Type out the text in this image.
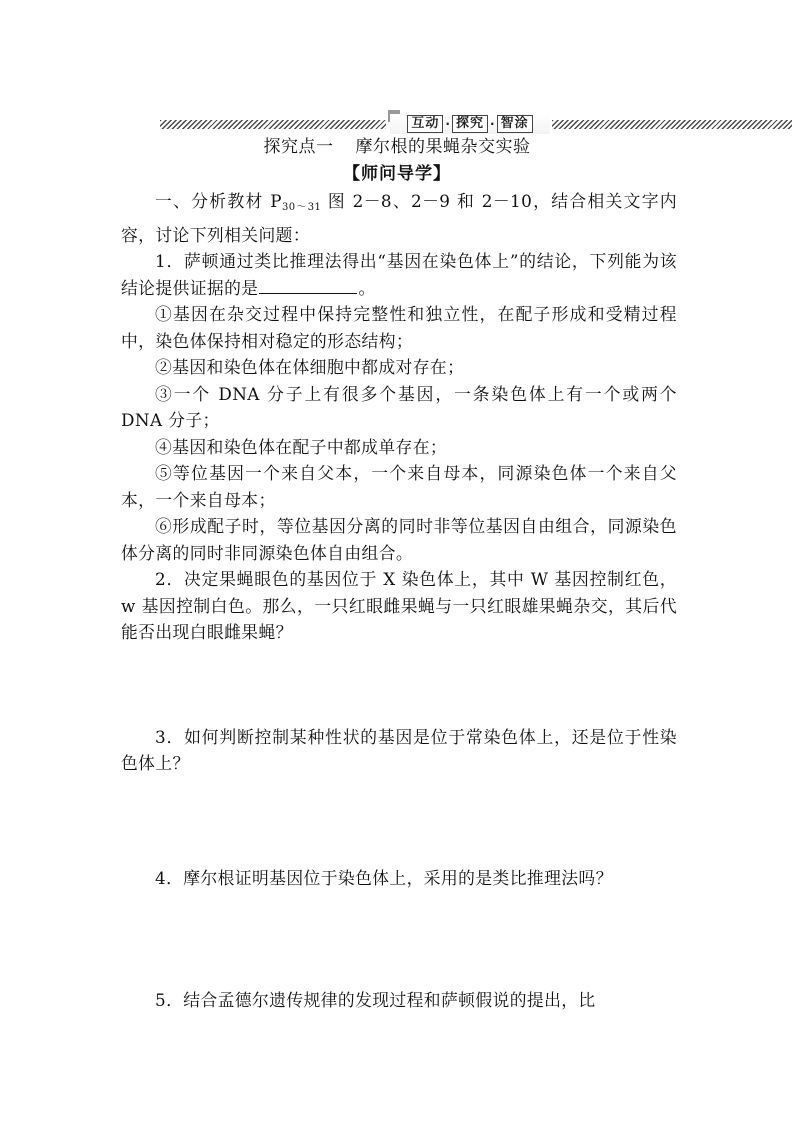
互动 · 探究 · 智涂
探究点一 摩尔根的果蝇杂交实验
【师问导学】

一、分析教材 $P_{30\sim 31}$ 图 2－8、2－9 和 2－10，结合相关文字内容，讨论下列相关问题：

1．萨顿通过类比推理法得出“基因在染色体上”的结论，下列能为该结论提供证据的是	。

①基因在杂交过程中保持完整性和独立性，在配子形成和受精过程中，染色体保持相对稳定的形态结构；

②基因和染色体在体细胞中都成对存在；

③一个 DNA 分子上有很多个基因，一条染色体上有一个或两个 DNA 分子；

④基因和染色体在配子中都成单存在；

⑤等位基因一个来自父本，一个来自母本，同源染色体一个来自父本，一个来自母本；

⑥形成配子时，等位基因分离的同时非等位基因自由组合，同源染色体分离的同时非同源染色体自由组合。

2．决定果蝇眼色的基因位于 X 染色体上，其中 W 基因控制红色，w 基因控制白色。那么，一只红眼雌果蝇与一只红眼雄果蝇杂交，其后代能否出现白眼雌果蝇？

3．如何判断控制某种性状的基因是位于常染色体上，还是位于性染色体上？

4．摩尔根证明基因位于染色体上，采用的是类比推理法吗？

5．结合孟德尔遗传规律的发现过程和萨顿假说的提出，比
